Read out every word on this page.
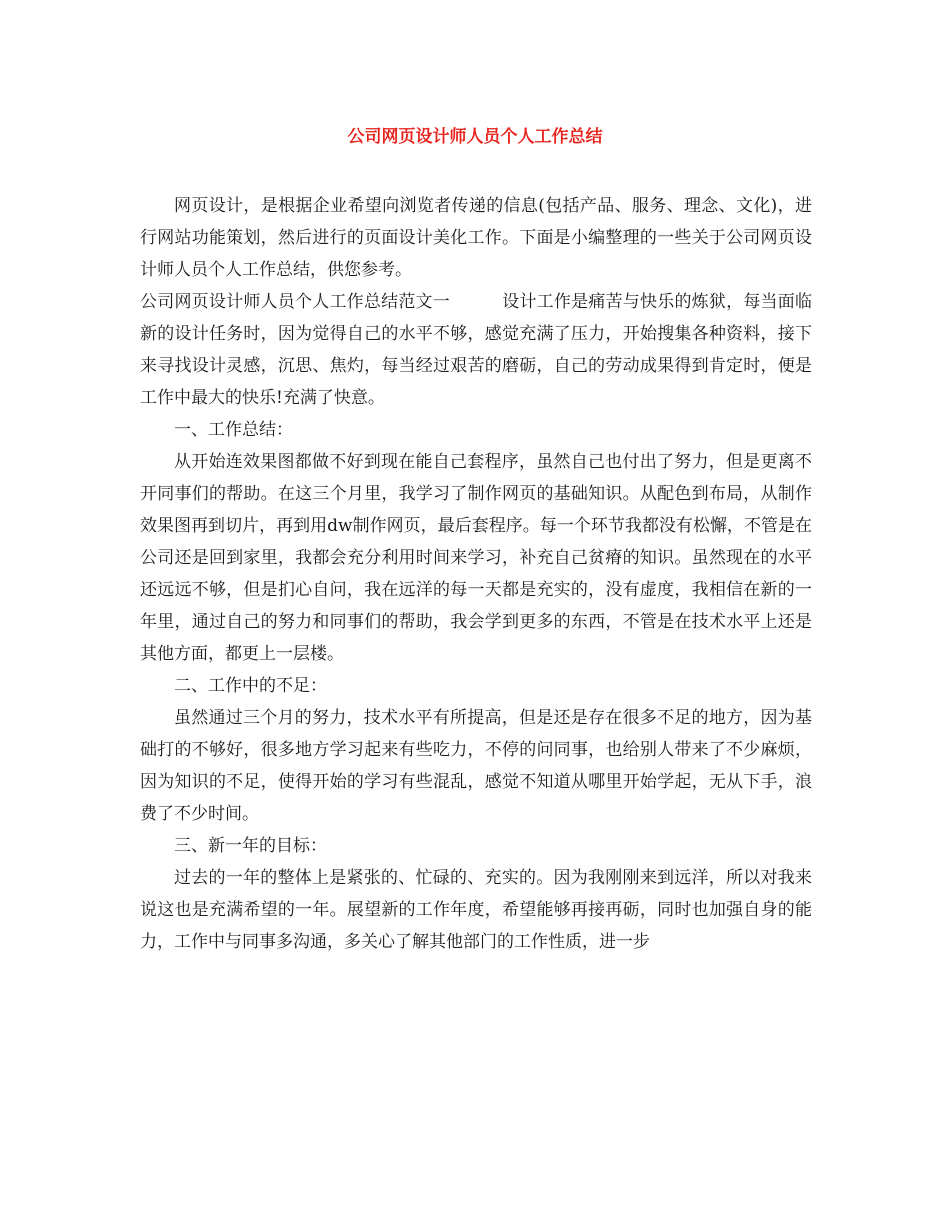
公司网页设计师人员个人工作总结

网页设计，是根据企业希望向浏览者传递的信息(包括产品、服务、理念、文化)，进行网站功能策划，然后进行的页面设计美化工作。下面是小编整理的一些关于公司网页设计师人员个人工作总结，供您参考。

公司网页设计师人员个人工作总结范文一	设计工作是痛苦与快乐的炼狱，每当面临新的设计任务时，因为觉得自己的水平不够，感觉充满了压力，开始搜集各种资料，接下来寻找设计灵感，沉思、焦灼，每当经过艰苦的磨砺，自己的劳动成果得到肯定时，便是工作中最大的快乐!充满了快意。

一、工作总结：

从开始连效果图都做不好到现在能自己套程序，虽然自己也付出了努力，但是更离不开同事们的帮助。在这三个月里，我学习了制作网页的基础知识。从配色到布局，从制作效果图再到切片，再到用dw制作网页，最后套程序。每一个环节我都没有松懈，不管是在公司还是回到家里，我都会充分利用时间来学习，补充自己贫瘠的知识。虽然现在的水平还远远不够，但是扪心自问，我在远洋的每一天都是充实的，没有虚度，我相信在新的一年里，通过自己的努力和同事们的帮助，我会学到更多的东西，不管是在技术水平上还是其他方面，都更上一层楼。

二、工作中的不足：

虽然通过三个月的努力，技术水平有所提高，但是还是存在很多不足的地方，因为基础打的不够好，很多地方学习起来有些吃力，不停的问同事，也给别人带来了不少麻烦，因为知识的不足，使得开始的学习有些混乱，感觉不知道从哪里开始学起，无从下手，浪费了不少时间。

三、新一年的目标：

过去的一年的整体上是紧张的、忙碌的、充实的。因为我刚刚来到远洋，所以对我来说这也是充满希望的一年。展望新的工作年度，希望能够再接再砺，同时也加强自身的能力，工作中与同事多沟通，多关心了解其他部门的工作性质，进一步
